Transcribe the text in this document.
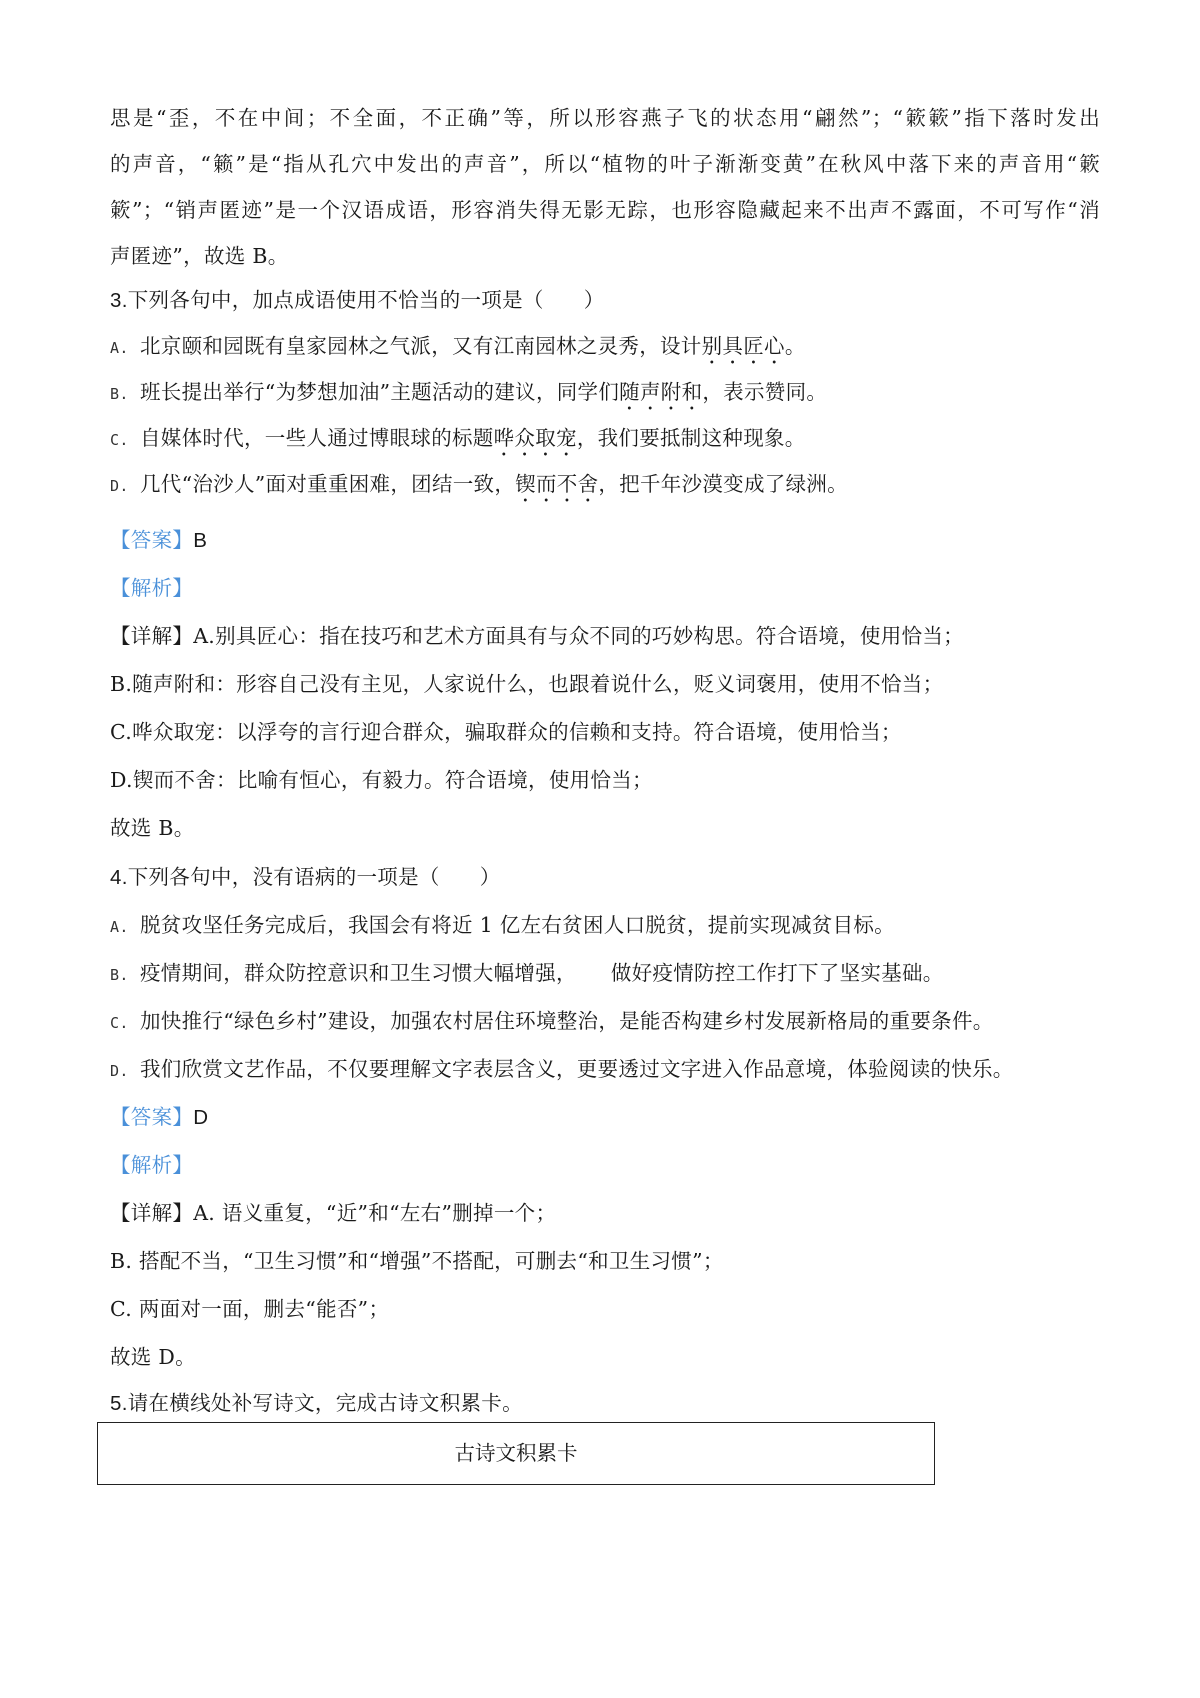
思是“歪，不在中间；不全面，不正确”等，所以形容燕子飞的状态用“翩然”；“簌簌”指下落时发出
的声音，“籁”是“指从孔穴中发出的声音”，所以“植物的叶子渐渐变黄”在秋风中落下来的声音用“簌
簌”；“销声匿迹”是一个汉语成语，形容消失得无影无踪，也形容隐藏起来不出声不露面，不可写作“消
声匿迹”，故选 B。
3.下列各句中，加点成语使用不恰当的一项是（ ）
A. 北京颐和园既有皇家园林之气派，又有江南园林之灵秀，设计别具匠心。
B. 班长提出举行“为梦想加油”主题活动的建议，同学们随声附和，表示赞同。
C. 自媒体时代，一些人通过博眼球的标题哗众取宠，我们要抵制这种现象。
D. 几代“治沙人”面对重重困难，团结一致，锲而不舍，把千年沙漠变成了绿洲。
【答案】B
【解析】
【详解】A.别具匠心：指在技巧和艺术方面具有与众不同的巧妙构思。符合语境，使用恰当；
B.随声附和：形容自己没有主见，人家说什么，也跟着说什么，贬义词褒用，使用不恰当；
C.哗众取宠：以浮夸的言行迎合群众，骗取群众的信赖和支持。符合语境，使用恰当；
D.锲而不舍：比喻有恒心，有毅力。符合语境，使用恰当；
故选 B。
4.下列各句中，没有语病的一项是（ ）
A. 脱贫攻坚任务完成后，我国会有将近 1 亿左右贫困人口脱贫，提前实现减贫目标。
B. 疫情期间，群众防控意识和卫生习惯大幅增强， 做好疫情防控工作打下了坚实基础。
C. 加快推行“绿色乡村”建设，加强农村居住环境整治，是能否构建乡村发展新格局的重要条件。
D. 我们欣赏文艺作品，不仅要理解文字表层含义，更要透过文字进入作品意境，体验阅读的快乐。
【答案】D
【解析】
【详解】A. 语义重复，“近”和“左右”删掉一个；
B. 搭配不当，“卫生习惯”和“增强”不搭配，可删去“和卫生习惯”；
C. 两面对一面，删去“能否”；
故选 D。
5.请在横线处补写诗文，完成古诗文积累卡。
古诗文积累卡
